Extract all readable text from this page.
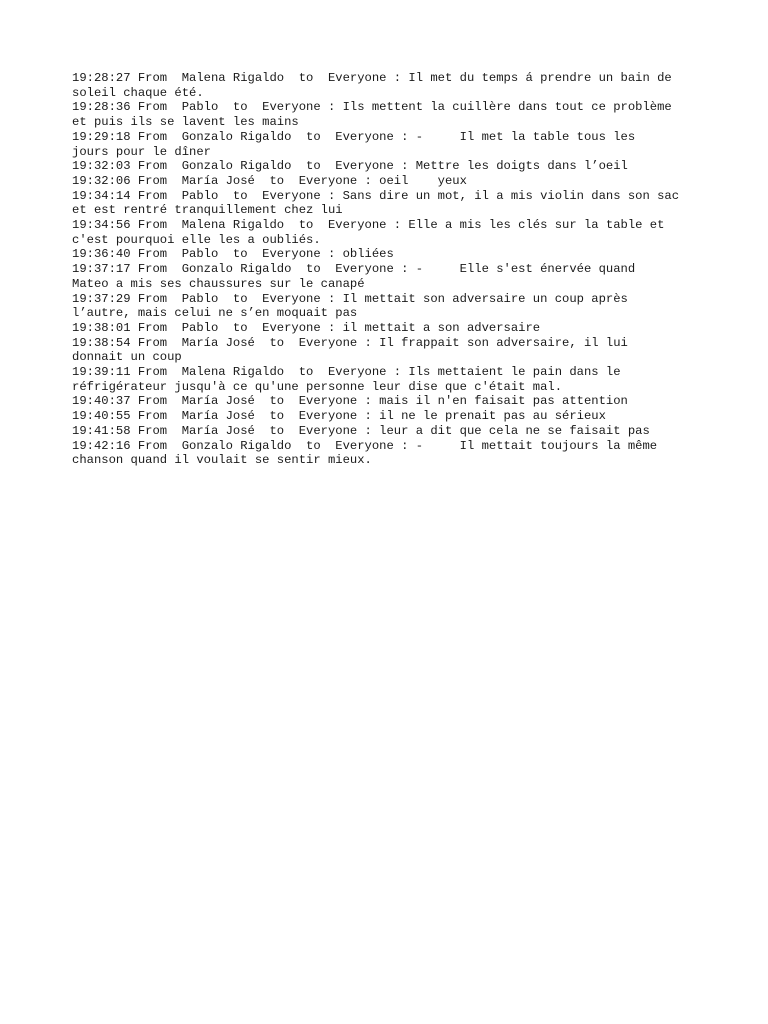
19:28:27 From  Malena Rigaldo  to  Everyone : Il met du temps á prendre un bain de
soleil chaque été.
19:28:36 From  Pablo  to  Everyone : Ils mettent la cuillère dans tout ce problème
et puis ils se lavent les mains
19:29:18 From  Gonzalo Rigaldo  to  Everyone : -     Il met la table tous les
jours pour le dîner
19:32:03 From  Gonzalo Rigaldo  to  Everyone : Mettre les doigts dans l’oeil
19:32:06 From  María José  to  Everyone : oeil    yeux
19:34:14 From  Pablo  to  Everyone : Sans dire un mot, il a mis violin dans son sac
et est rentré tranquillement chez lui
19:34:56 From  Malena Rigaldo  to  Everyone : Elle a mis les clés sur la table et
c'est pourquoi elle les a oubliés.
19:36:40 From  Pablo  to  Everyone : obliées
19:37:17 From  Gonzalo Rigaldo  to  Everyone : -     Elle s'est énervée quand
Mateo a mis ses chaussures sur le canapé
19:37:29 From  Pablo  to  Everyone : Il mettait son adversaire un coup après
l’autre, mais celui ne s’en moquait pas
19:38:01 From  Pablo  to  Everyone : il mettait a son adversaire
19:38:54 From  María José  to  Everyone : Il frappait son adversaire, il lui
donnait un coup
19:39:11 From  Malena Rigaldo  to  Everyone : Ils mettaient le pain dans le
réfrigérateur jusqu'à ce qu'une personne leur dise que c'était mal.
19:40:37 From  María José  to  Everyone : mais il n'en faisait pas attention
19:40:55 From  María José  to  Everyone : il ne le prenait pas au sérieux
19:41:58 From  María José  to  Everyone : leur a dit que cela ne se faisait pas
19:42:16 From  Gonzalo Rigaldo  to  Everyone : -     Il mettait toujours la même
chanson quand il voulait se sentir mieux.
